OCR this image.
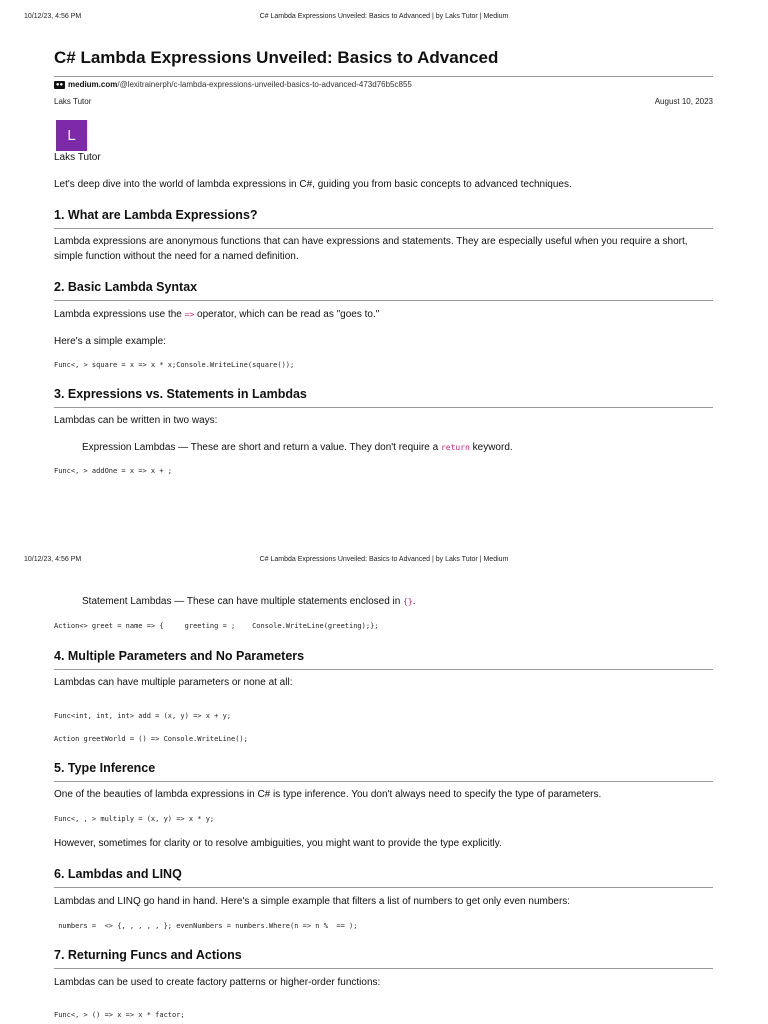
10/12/23, 4:56 PM	C# Lambda Expressions Unveiled: Basics to Advanced | by Laks Tutor | Medium
C# Lambda Expressions Unveiled: Basics to Advanced
●● medium.com /@lexitrainerph/c-lambda-expressions-unveiled-basics-to-advanced-473d76b5c855
Laks Tutor	August 10, 2023
L
Laks Tutor
Let's deep dive into the world of lambda expressions in C#, guiding you from basic concepts to advanced techniques.
1. What are Lambda Expressions?
Lambda expressions are anonymous functions that can have expressions and statements. They are especially useful when you require a short, simple function without the need for a named definition.
2. Basic Lambda Syntax
Lambda expressions use the => operator, which can be read as "goes to."
Here's a simple example:
Func<, > square = x => x * x;Console.WriteLine(square());
3. Expressions vs. Statements in Lambdas
Lambdas can be written in two ways:
Expression Lambdas — These are short and return a value. They don't require a return keyword.
Func<, > addOne = x => x + ;
10/12/23, 4:56 PM	C# Lambda Expressions Unveiled: Basics to Advanced | by Laks Tutor | Medium
Statement Lambdas — These can have multiple statements enclosed in {}.
Action<> greet = name => {     greeting = ;    Console.WriteLine(greeting);};
4. Multiple Parameters and No Parameters
Lambdas can have multiple parameters or none at all:
Func<int, int, int> add = (x, y) => x + y;
Action greetWorld = () => Console.WriteLine();
5. Type Inference
One of the beauties of lambda expressions in C# is type inference. You don't always need to specify the type of parameters.
Func<, , > multiply = (x, y) => x * y;
However, sometimes for clarity or to resolve ambiguities, you might want to provide the type explicitly.
6. Lambdas and LINQ
Lambdas and LINQ go hand in hand. Here's a simple example that filters a list of numbers to get only even numbers:
numbers =  <> {, , , , , }; evenNumbers = numbers.Where(n => n %  == );
7. Returning Funcs and Actions
Lambdas can be used to create factory patterns or higher-order functions:
Func<, > () => x => x * factor;
